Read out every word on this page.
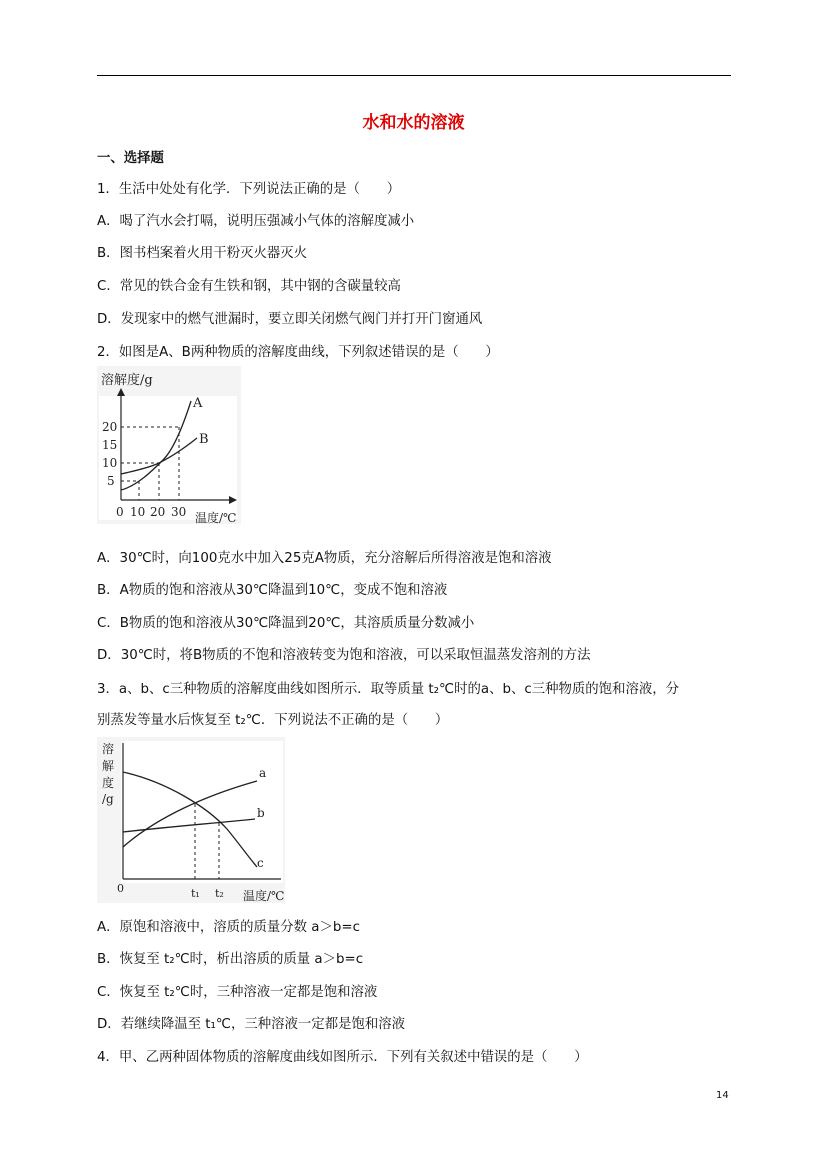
水和水的溶液
一、选择题
1．生活中处处有化学．下列说法正确的是（　　）
A．喝了汽水会打嗝，说明压强减小气体的溶解度减小
B．图书档案着火用干粉灭火器灭火
C．常见的铁合金有生铁和钢，其中钢的含碳量较高
D．发现家中的燃气泄漏时，要立即关闭燃气阀门并打开门窗通风
2．如图是A、B两种物质的溶解度曲线，下列叙述错误的是（　　）
溶解度/g
A
B
20
15
10
5
0 10 20 30 温度/℃
A．30℃时，向100克水中加入25克A物质，充分溶解后所得溶液是饱和溶液
B．A物质的饱和溶液从30℃降温到10℃，变成不饱和溶液
C．B物质的饱和溶液从30℃降温到20℃，其溶质质量分数减小
D．30℃时，将B物质的不饱和溶液转变为饱和溶液，可以采取恒温蒸发溶剂的方法
3．a、b、c三种物质的溶解度曲线如图所示．取等质量 t₂℃时的a、b、c三种物质的饱和溶液，分
别蒸发等量水后恢复至 t₂℃．下列说法不正确的是（　　）
溶
解
度
/g
a
b
c
0	t₁ t₂ 温度/℃
A．原饱和溶液中，溶质的质量分数 a＞b=c
B．恢复至 t₂℃时，析出溶质的质量 a＞b=c
C．恢复至 t₂℃时，三种溶液一定都是饱和溶液
D．若继续降温至 t₁℃，三种溶液一定都是饱和溶液
4．甲、乙两种固体物质的溶解度曲线如图所示．下列有关叙述中错误的是（　　）
14
